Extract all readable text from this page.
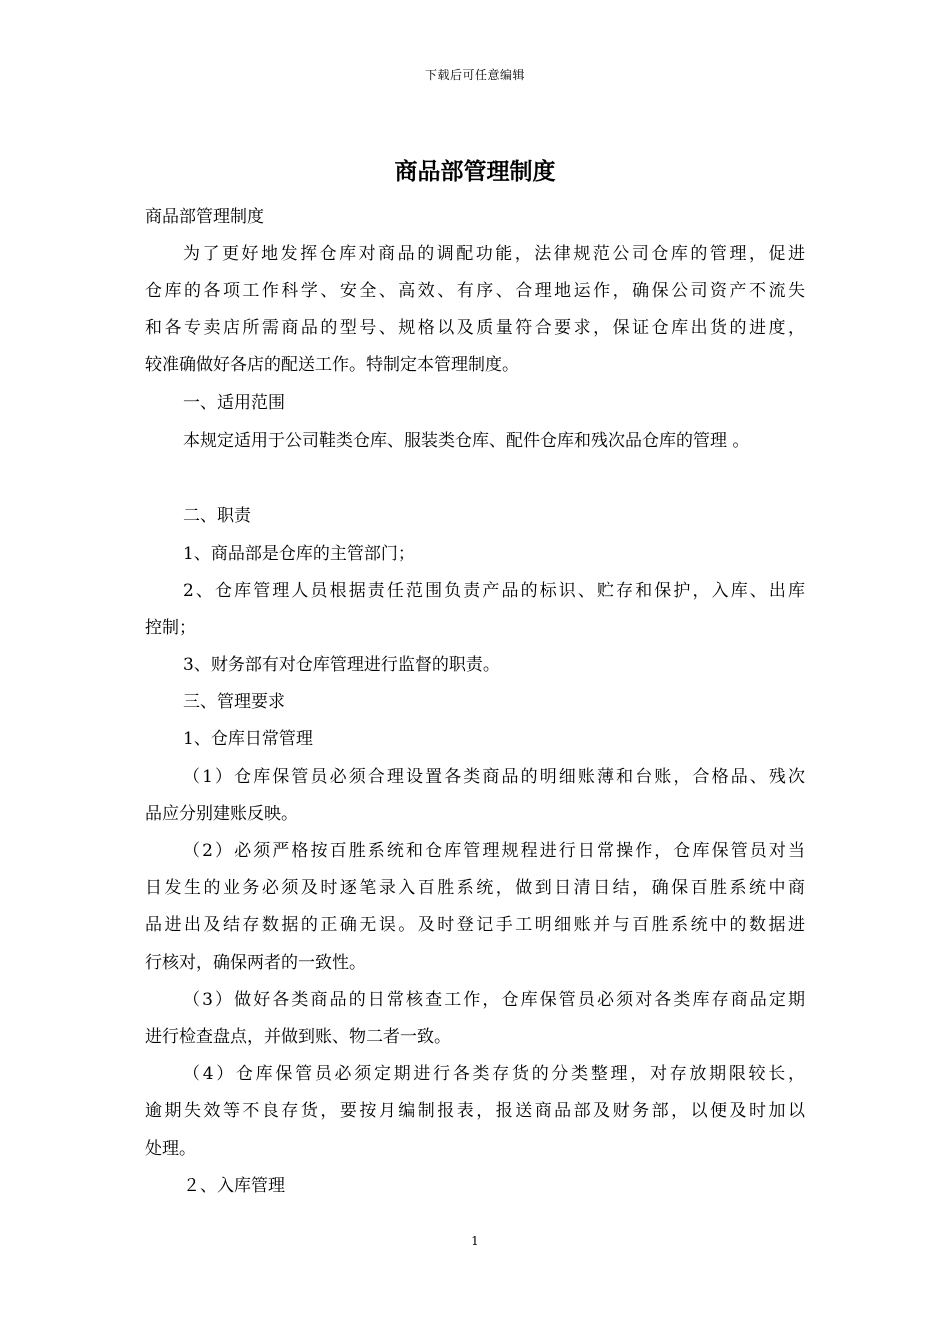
下载后可任意编辑
商品部管理制度
商品部管理制度
为了更好地发挥仓库对商品的调配功能，法律规范公司仓库的管理，促进
仓库的各项工作科学、安全、高效、有序、合理地运作，确保公司资产不流失
和各专卖店所需商品的型号、规格以及质量符合要求，保证仓库出货的进度，
较准确做好各店的配送工作。特制定本管理制度。
一、适用范围
本规定适用于公司鞋类仓库、服装类仓库、配件仓库和残次品仓库的管理 。
二、职责
1、商品部是仓库的主管部门；
2、仓库管理人员根据责任范围负责产品的标识、贮存和保护，入库、出库
控制；
3、财务部有对仓库管理进行监督的职责。
三、管理要求
1、仓库日常管理
（1）仓库保管员必须合理设置各类商品的明细账薄和台账，合格品、残次
品应分别建账反映。
（2）必须严格按百胜系统和仓库管理规程进行日常操作，仓库保管员对当
日发生的业务必须及时逐笔录入百胜系统，做到日清日结，确保百胜系统中商
品进出及结存数据的正确无误。及时登记手工明细账并与百胜系统中的数据进
行核对，确保两者的一致性。
（3）做好各类商品的日常核查工作，仓库保管员必须对各类库存商品定期
进行检查盘点，并做到账、物二者一致。
（4）仓库保管员必须定期进行各类存货的分类整理，对存放期限较长，
逾期失效等不良存货，要按月编制报表，报送商品部及财务部，以便及时加以
处理。
２、入库管理
1
